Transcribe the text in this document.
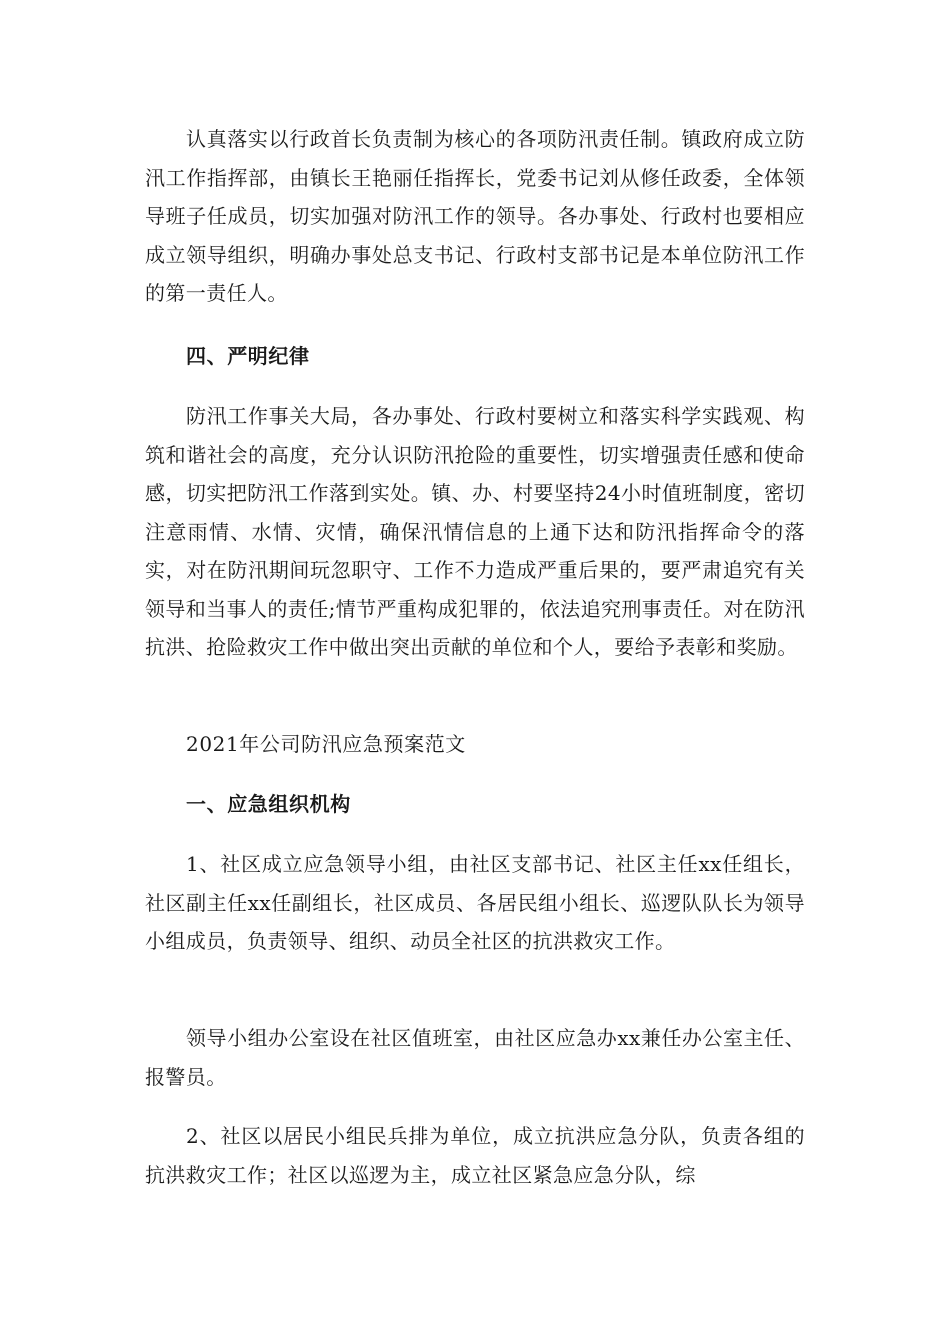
认真落实以行政首长负责制为核心的各项防汛责任制。镇政府成立防汛工作指挥部，由镇长王艳丽任指挥长，党委书记刘从修任政委，全体领导班子任成员，切实加强对防汛工作的领导。各办事处、行政村也要相应成立领导组织，明确办事处总支书记、行政村支部书记是本单位防汛工作的第一责任人。

四、严明纪律

防汛工作事关大局，各办事处、行政村要树立和落实科学实践观、构筑和谐社会的高度，充分认识防汛抢险的重要性，切实增强责任感和使命感，切实把防汛工作落到实处。镇、办、村要坚持24小时值班制度，密切注意雨情、水情、灾情，确保汛情信息的上通下达和防汛指挥命令的落实，对在防汛期间玩忽职守、工作不力造成严重后果的，要严肃追究有关领导和当事人的责任;情节严重构成犯罪的，依法追究刑事责任。对在防汛抗洪、抢险救灾工作中做出突出贡献的单位和个人，要给予表彰和奖励。

2021年公司防汛应急预案范文

一、应急组织机构

1、社区成立应急领导小组，由社区支部书记、社区主任xx任组长，社区副主任xx任副组长，社区成员、各居民组小组长、巡逻队队长为领导小组成员，负责领导、组织、动员全社区的抗洪救灾工作。

领导小组办公室设在社区值班室，由社区应急办xx兼任办公室主任、报警员。

2、社区以居民小组民兵排为单位，成立抗洪应急分队，负责各组的抗洪救灾工作；社区以巡逻为主，成立社区紧急应急分队，综
